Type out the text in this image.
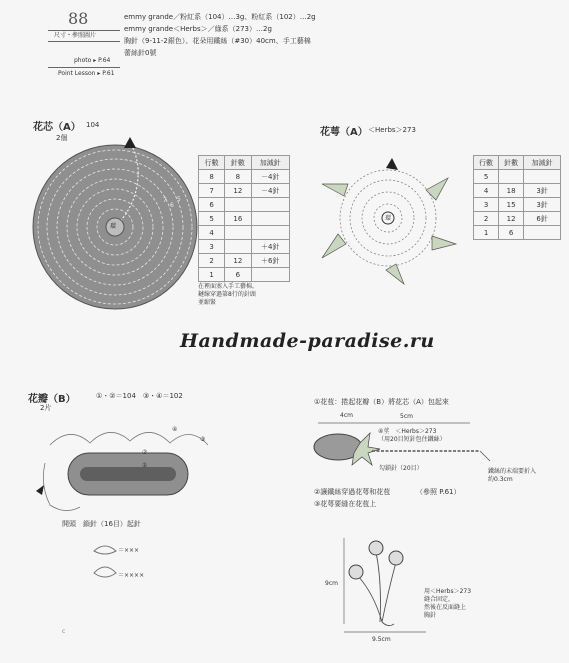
88
尺寸・參照圖片
photo ▸ P.64
Point Lesson ▸ P.61
emmy grande／粉紅系（104）…3g、粉紅系（102）…2g
emmy grande＜Herbs＞／綠系（273）…2g
胸針（9-11-2銀色）、花朵用鐵絲（#30）40cm、手工藝棉
蕾絲針0號
花芯（A） 104
2個
環
7
6
5
行數	針數	加減針
8	8	－4針
7	12	－4針
6		
5	16	
4		
3		＋4針
2	12	＋6針
1	6	
在裡面塞入手工藝棉，
鏈線穿過第8行的針頭
並縮緊
花萼（A） ＜Herbs＞273
環
行數	針數	加減針
5		
4	18	3針
3	15	3針
2	12	6針
1	6	
Handmade-paradise.ru
花瓣（B）	①・②＝104　③・④＝102
2片
④
③
②
①
開頭　鎖針（16目）起針
＝×××
＝××××
①花苞：捲起花瓣（B）將花芯（A）包起來
4cm	5cm
④莖　＜Herbs＞273
（用20目短針包住鐵絲）
勾鎖針（20目）	鐵絲的末端要折入
約0.3cm
②讓鐵絲穿過花萼和花苞	（參照 P.61）
③花萼要縫在花苞上
9cm
9.5cm
用＜Herbs＞273
縫合固定，
然後在反面縫上
胸針
c
